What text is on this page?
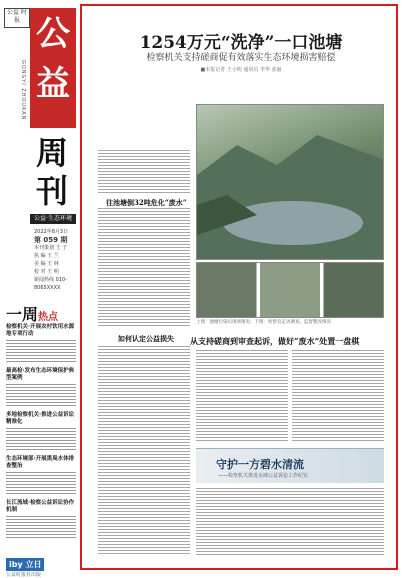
公益 时报 公
益
GONGYI ZHOUKAN
周
刊
公益·生态环境
2022年8月3日
第 059 期
本刊策划 王 子
执 编 王 兰
美 编 王 林
校 对 王 明
新闻热线 010-8065XXXX
一周热点
检察机关·开展农村饮用水源地专项行动
最高检·发布生态环境保护典型案例
多地检察机关·推进公益诉讼精准化
生态环境部·开展黑臭水体排查整治
长江流域·检察公益诉讼协作机制
iby 立日
公益时报社出版
1254万元“洗净”一口池塘
检察机关支持磋商促有效落实生态环境损害赔偿
■本报记者 王小明 通讯员 李华 张丽
往池塘倒32吨危化“废水”
如何认定公益损失
上图：池塘污染后现场情况；下图：检察官走访调查、监督整改情况
从支持磋商到审查起诉，做好“废水”处置一盘棋
守护一方碧水清流
——检察机关推进水域公益诉讼工作纪实
